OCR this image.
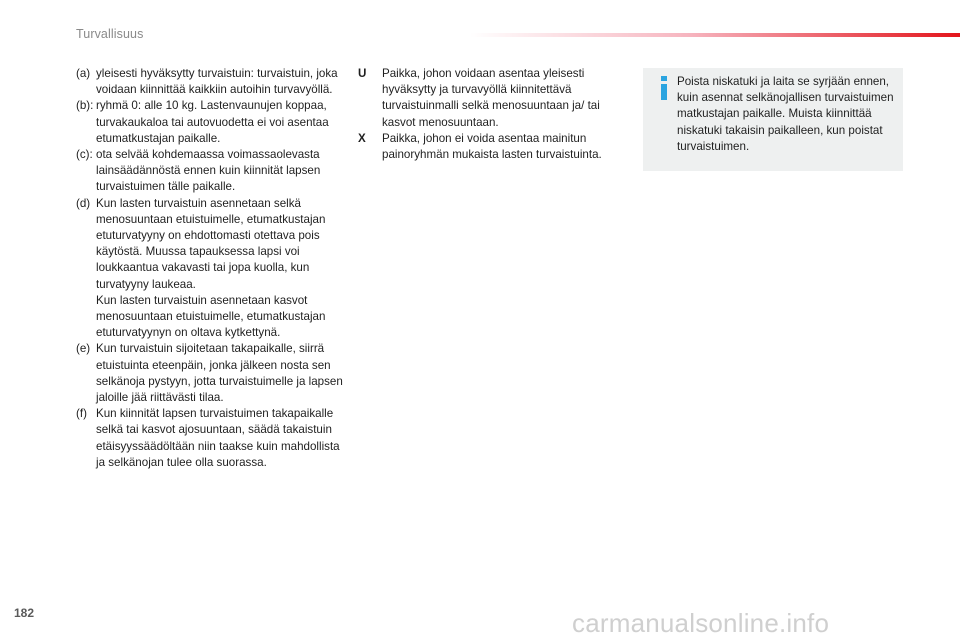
Turvallisuus
(a) yleisesti hyväksytty turvaistuin: turvaistuin, joka voidaan kiinnittää kaikkiin autoihin turvavyöllä.
(b): ryhmä 0: alle 10 kg. Lastenvaunujen koppaa, turvakaukaloa tai autovuodetta ei voi asentaa etumatkustajan paikalle.
(c): ota selvää kohdemaassa voimassaolevasta lainsäädännöstä ennen kuin kiinnität lapsen turvaistuimen tälle paikalle.
(d) Kun lasten turvaistuin asennetaan selkä menosuuntaan etuistuimelle, etumatkustajan etuturvatyyny on ehdottomasti otettava pois käytöstä. Muussa tapauksessa lapsi voi loukkaantua vakavasti tai jopa kuolla, kun turvatyyny laukeaa.
Kun lasten turvaistuin asennetaan kasvot menosuuntaan etuistuimelle, etumatkustajan etuturvatyynyn on oltava kytkettynä.
(e) Kun turvaistuin sijoitetaan takapaikalle, siirrä etuistuinta eteenpäin, jonka jälkeen nosta sen selkänoja pystyyn, jotta turvaistuimelle ja lapsen jaloille jää riittävästi tilaa.
(f) Kun kiinnität lapsen turvaistuimen takapaikalle selkä tai kasvot ajosuuntaan, säädä takaistuin etäisyyssäädöltään niin taakse kuin mahdollista ja selkänojan tulee olla suorassa.
U	Paikka, johon voidaan asentaa yleisesti hyväksytty ja turvavyöllä kiinnitettävä turvaistuinmalli selkä menosuuntaan ja/ tai kasvot menosuuntaan.
X	Paikka, johon ei voida asentaa mainitun painoryhmän mukaista lasten turvaistuinta.
Poista niskatuki ja laita se syrjään ennen, kuin asennat selkänojallisen turvaistuimen matkustajan paikalle. Muista kiinnittää niskatuki takaisin paikalleen, kun poistat turvaistuimen.
182	carmanualsonline.info
